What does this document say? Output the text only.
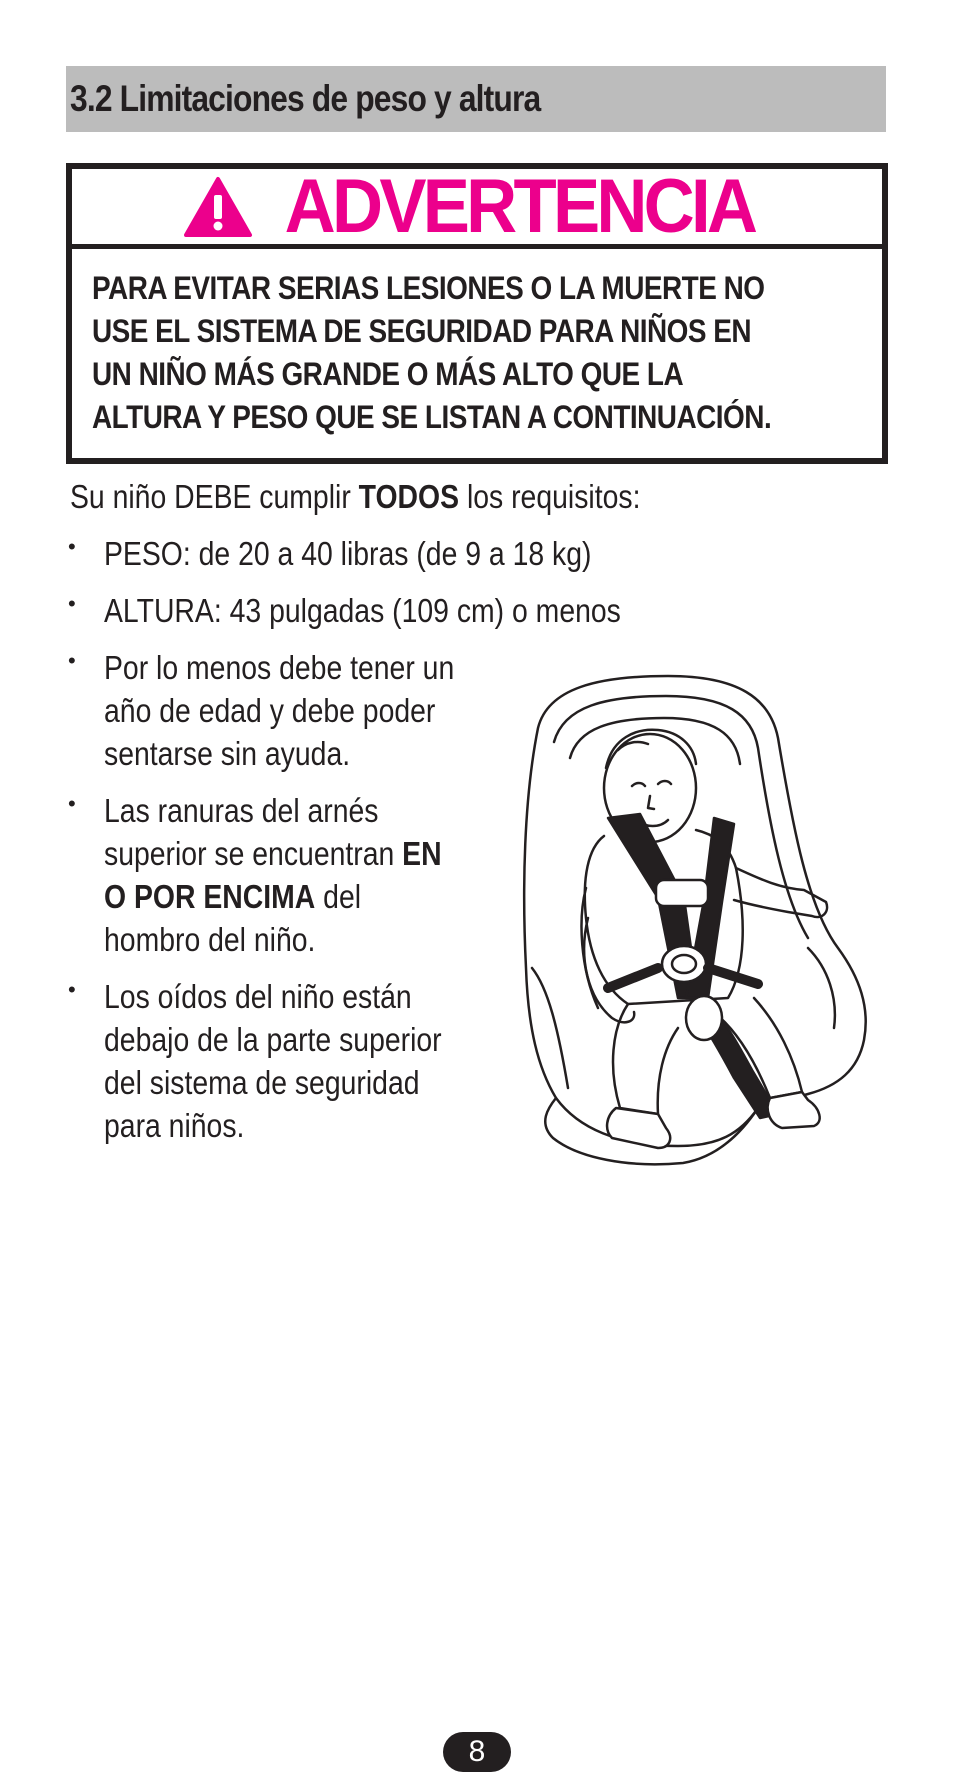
3.2 Limitaciones de peso y altura
ADVERTENCIA
PARA EVITAR SERIAS LESIONES O LA MUERTE NO
USE EL SISTEMA DE SEGURIDAD PARA NIÑOS EN
UN NIÑO MÁS GRANDE O MÁS ALTO QUE LA
ALTURA Y PESO QUE SE LISTAN A CONTINUACIÓN.
Su niño DEBE cumplir TODOS los requisitos:
• PESO: de 20 a 40 libras (de 9 a 18 kg)
• ALTURA: 43 pulgadas (109 cm) o menos
• Por lo menos debe tener un
año de edad y debe poder
sentarse sin ayuda.
• Las ranuras del arnés
superior se encuentran EN
O POR ENCIMA del
hombro del niño.
• Los oídos del niño están
debajo de la parte superior
del sistema de seguridad
para niños.
8
